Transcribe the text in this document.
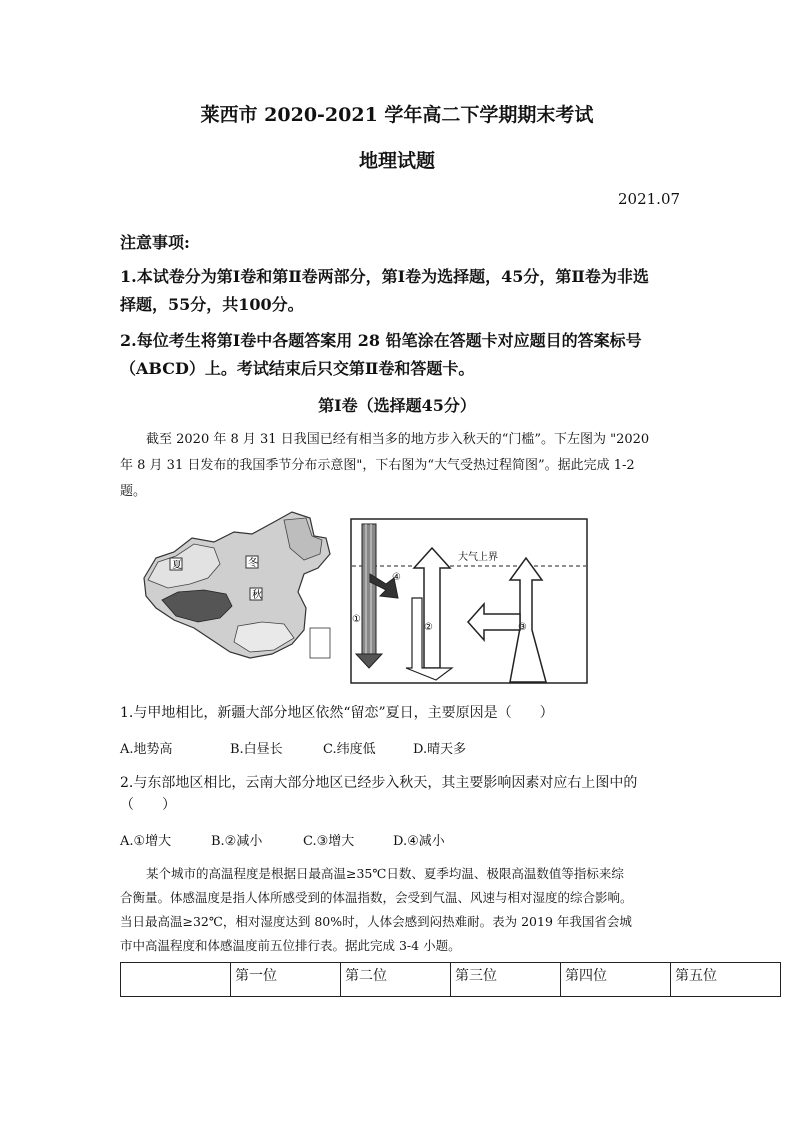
莱西市 2020-2021 学年高二下学期期末考试
地理试题
2021.07
注意事项:
1.本试卷分为第Ⅰ卷和第Ⅱ卷两部分，第Ⅰ卷为选择题，45分，第Ⅱ卷为非选
择题，55分，共100分。
2.每位考生将第Ⅰ卷中各题答案用 28 铅笔涂在答题卡对应题目的答案标号
（ABCD）上。考试结束后只交第Ⅱ卷和答题卡。
第Ⅰ卷（选择题45分）
截至 2020 年 8 月 31 日我国已经有相当多的地方步入秋天的“门槛”。下左图为 "2020
年 8 月 31 日发布的我国季节分布示意图"，下右图为“大气受热过程简图”。据此完成 1-2
题。
夏	冬
秋
大气上界
①
④
②	③
1.与甲地相比，新疆大部分地区依然“留恋”夏日，主要原因是（　　）
A.地势高	B.白昼长	C.纬度低	D.晴天多
2.与东部地区相比，云南大部分地区已经步入秋天，其主要影响因素对应右上图中的
（　　）
A.①增大	B.②减小	C.③增大	D.④减小
某个城市的高温程度是根据日最高温≥35℃日数、夏季均温、极限高温数值等指标来综
合衡量。体感温度是指人体所感受到的体温指数，会受到气温、风速与相对湿度的综合影响。
当日最高温≥32℃，相对湿度达到 80%时，人体会感到闷热难耐。表为 2019 年我国省会城
市中高温程度和体感温度前五位排行表。据此完成 3-4 小题。
	第一位	第二位	第三位	第四位	第五位
